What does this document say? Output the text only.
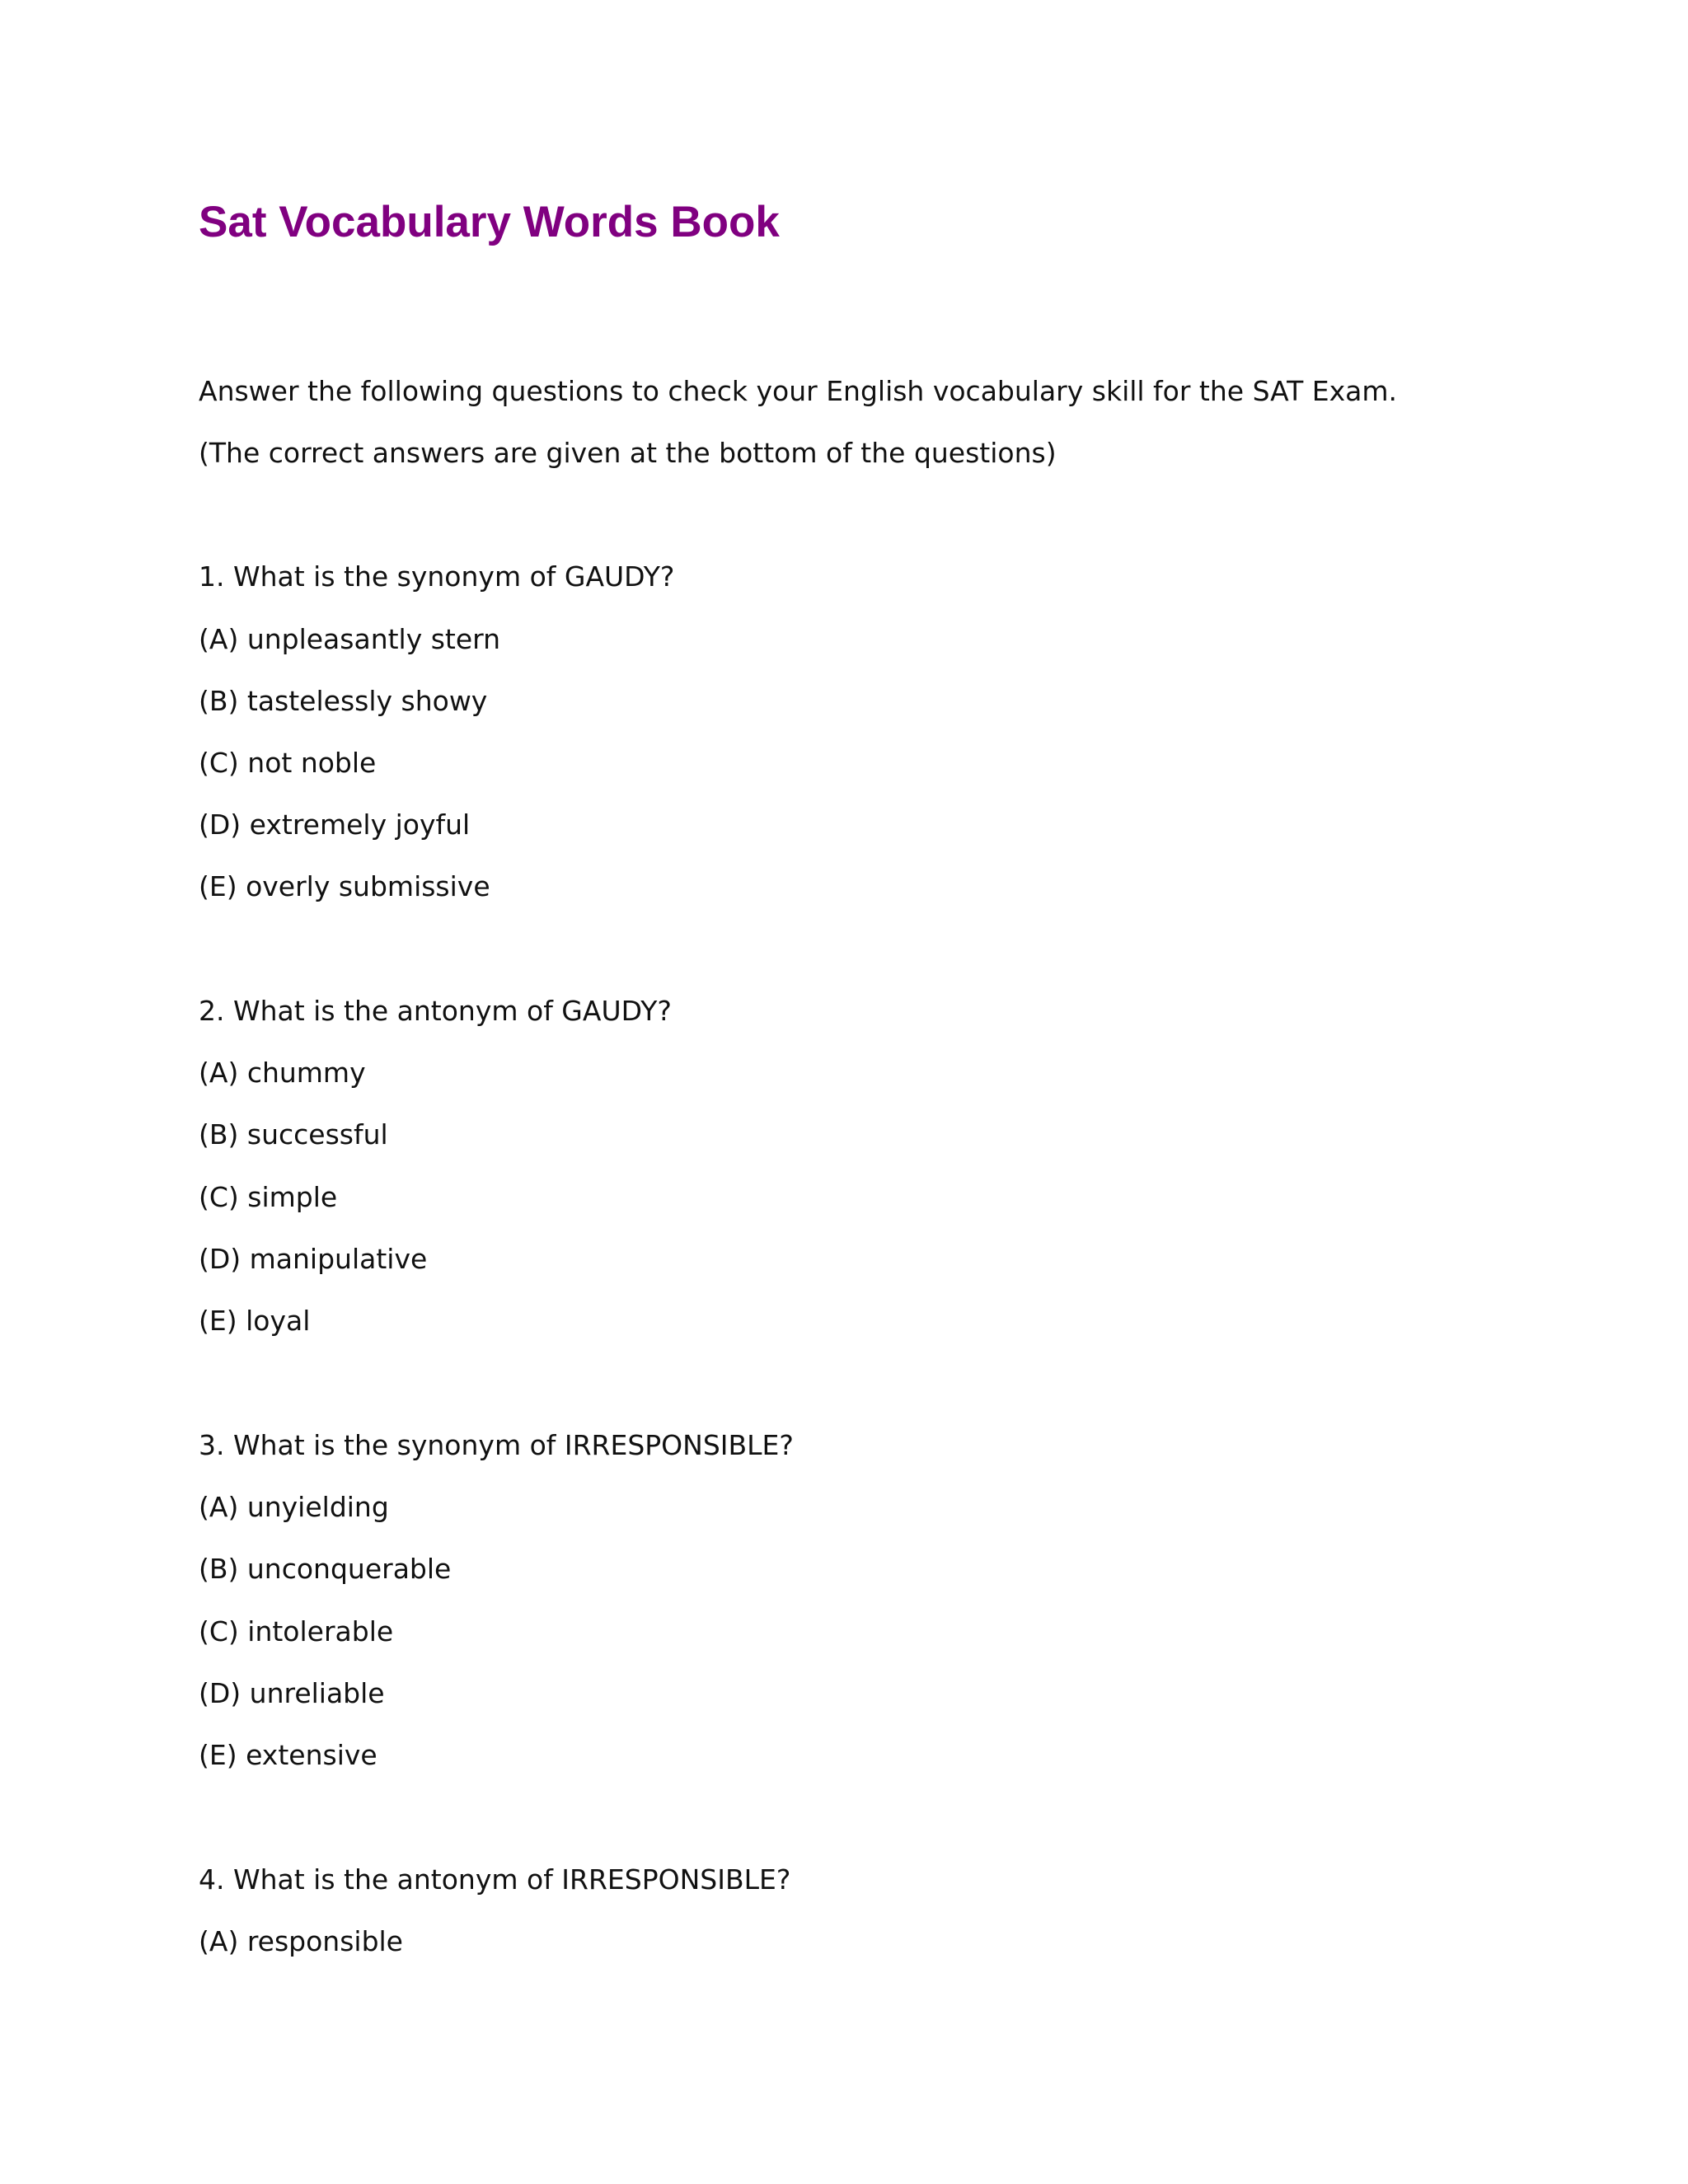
Sat Vocabulary Words Book

Answer the following questions to check your English vocabulary skill for the SAT Exam.

(The correct answers are given at the bottom of the questions)

1. What is the synonym of GAUDY?

(A) unpleasantly stern

(B) tastelessly showy

(C) not noble

(D) extremely joyful

(E) overly submissive

2. What is the antonym of GAUDY?

(A) chummy

(B) successful

(C) simple

(D) manipulative

(E) loyal

3. What is the synonym of IRRESPONSIBLE?

(A) unyielding

(B) unconquerable

(C) intolerable

(D) unreliable

(E) extensive

4. What is the antonym of IRRESPONSIBLE?

(A) responsible
